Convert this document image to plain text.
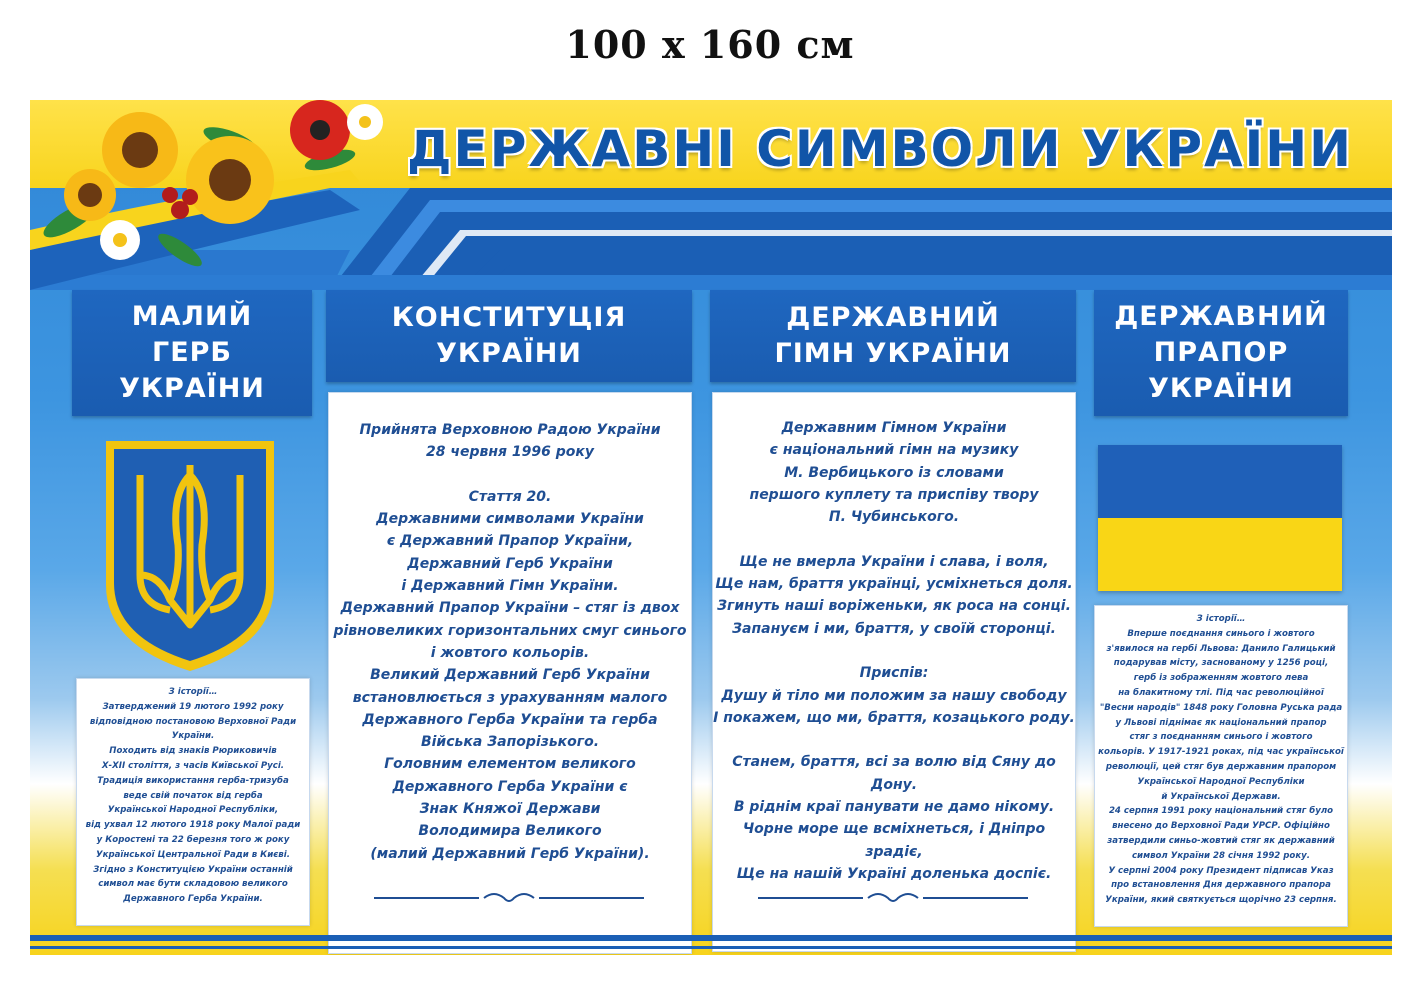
100 x 160 см
ДЕРЖАВНІ СИМВОЛИ УКРАЇНИ
МАЛИЙ
ГЕРБ
УКРАЇНИ

З історії…

Затверджений 19 лютого 1992 року

відповідною постановою Верховної Ради

України.

Походить від знаків Рюриковичів

Х-ХІІ століття, з часів Київської Русі.

Традиція використання герба-тризуба

веде свій початок від герба

Української Народної Республіки,

від ухвал 12 лютого 1918 року Малої ради

у Коростені та 22 березня того ж року

Української Центральної Ради в Києві.

Згідно з Конституцією України останній

символ має бути складовою великого

Державного Герба України.

КОНСТИТУЦІЯ
УКРАЇНИ

Прийнята Верховною Радою України

28 червня 1996 року

Стаття 20.

Державними символами України

є Державний Прапор України,

Державний Герб України

і Державний Гімн України.

Державний Прапор України – стяг із двох

рівновеликих горизонтальних смуг синього

і жовтого кольорів.

Великий Державний Герб України

встановлюється з урахуванням малого

Державного Герба України та герба

Війська Запорізького.

Головним елементом великого

Державного Герба України є

Знак Княжої Держави

Володимира Великого

(малий Державний Герб України).

ДЕРЖАВНИЙ
ГІМН УКРАЇНИ

Державним Гімном України

є національний гімн на музику

М. Вербицького із словами

першого куплету та приспіву твору

П. Чубинського.

Ще не вмерла України і слава, і воля,

Ще нам, браття українці, усміхнеться доля.

Згинуть наші воріженьки, як роса на сонці.

Запануєм і ми, браття, у своїй сторонці.

Приспів:

Душу й тіло ми положим за нашу свободу

І покажем, що ми, браття, козацького роду.

Станем, браття, всі за волю від Сяну до Дону.

В ріднім краї панувати не дамо нікому.

Чорне море ще всміхнеться, і Дніпро зрадіє,

Ще на нашій Україні доленька доспіє.

ДЕРЖАВНИЙ
ПРАПОР
УКРАЇНИ

З історії…

Вперше поєднання синього і жовтого

з'явилося на гербі Львова: Данило Галицький

подарував місту, заснованому у 1256 році,

герб із зображенням жовтого лева

на блакитному тлі. Під час революційної

"Весни народів" 1848 року Головна Руська рада

у Львові піднімає як національний прапор

стяг з поєднанням синього і жовтого

кольорів. У 1917-1921 роках, під час української

революції, цей стяг був державним прапором

Української Народної Республіки

й Української Держави.

24 серпня 1991 року національний стяг було

внесено до Верховної Ради УРСР. Офіційно

затвердили синьо-жовтий стяг як державний

символ України 28 січня 1992 року.

У серпні 2004 року Президент підписав Указ

про встановлення Дня державного прапора

України, який святкується щорічно 23 серпня.
